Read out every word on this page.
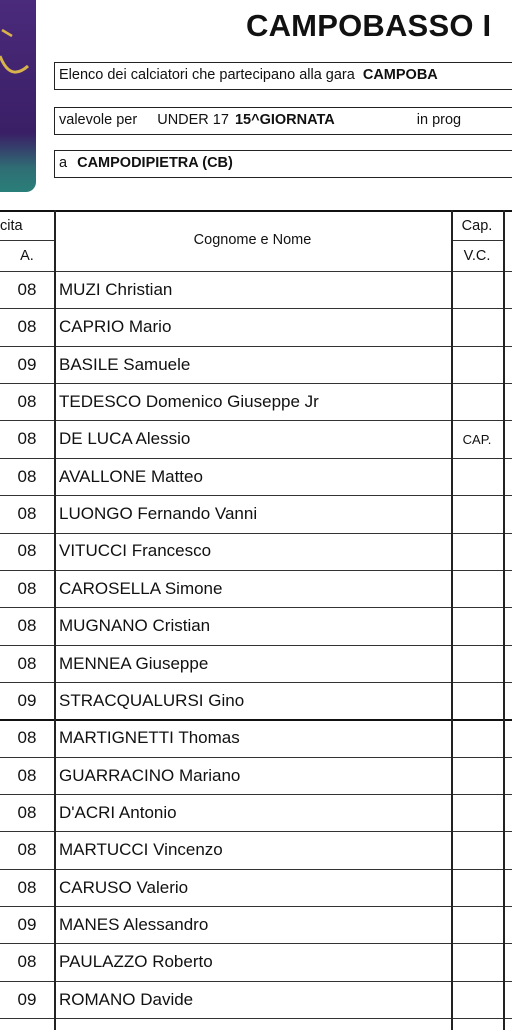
CAMPOBASSO I
Elenco dei calciatori che partecipano alla gara CAMPOBA
valevole per UNDER 17 15^GIORNATA	in prog
a CAMPODIPIETRA (CB)
cita
A.
Cognome e Nome
Cap.
V.C.
08	MUZI Christian
08	CAPRIO Mario
09	BASILE Samuele
08	TEDESCO Domenico Giuseppe Jr
08	DE LUCA Alessio	CAP.
08	AVALLONE Matteo
08	LUONGO Fernando Vanni
08	VITUCCI Francesco
08	CAROSELLA Simone
08	MUGNANO Cristian
08	MENNEA Giuseppe
09	STRACQUALURSI Gino
08	MARTIGNETTI Thomas
08	GUARRACINO Mariano
08	D'ACRI Antonio
08	MARTUCCI Vincenzo
08	CARUSO Valerio
09	MANES Alessandro
08	PAULAZZO Roberto
09	ROMANO Davide
